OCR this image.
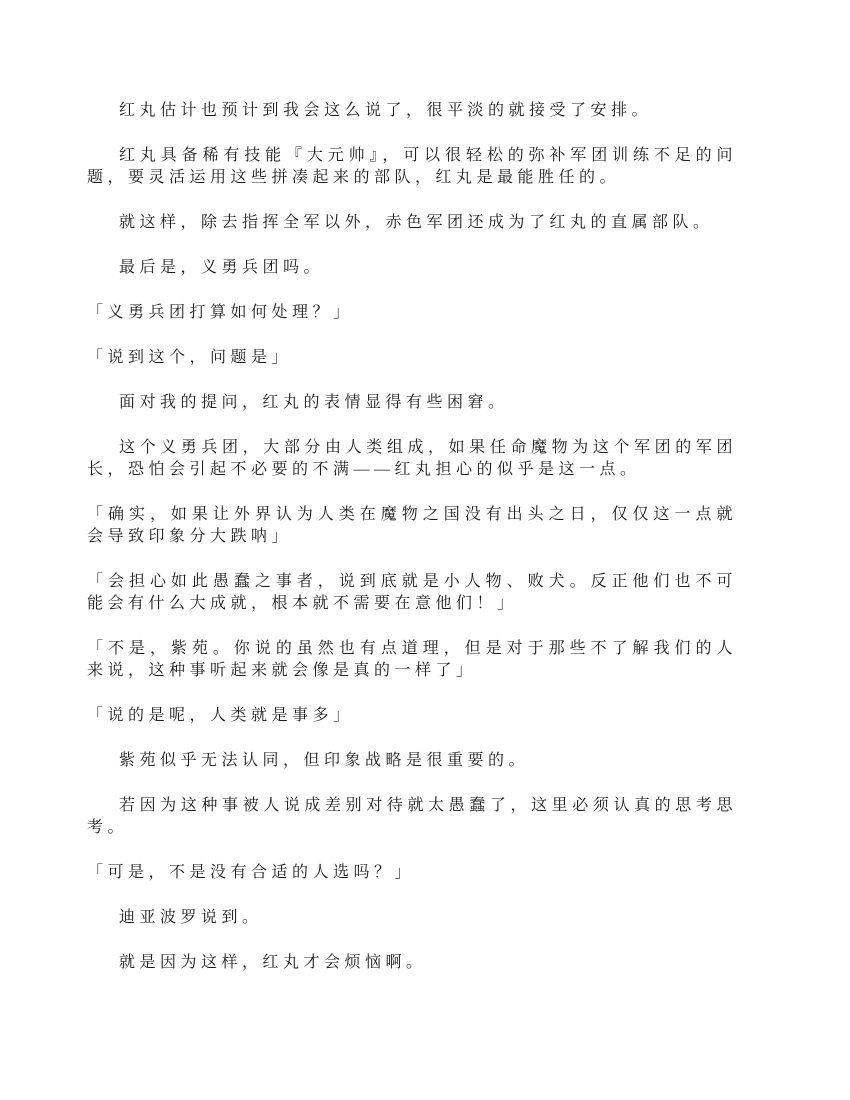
红丸估计也预计到我会这么说了，很平淡的就接受了安排。

红丸具备稀有技能『大元帅』，可以很轻松的弥补军团训练不足的问题，要灵活运用这些拼凑起来的部队，红丸是最能胜任的。

就这样，除去指挥全军以外，赤色军团还成为了红丸的直属部队。

最后是，义勇兵团吗。

「义勇兵团打算如何处理？」

「说到这个，问题是」

面对我的提问，红丸的表情显得有些困窘。

这个义勇兵团，大部分由人类组成，如果任命魔物为这个军团的军团长，恐怕会引起不必要的不满——红丸担心的似乎是这一点。

「确实，如果让外界认为人类在魔物之国没有出头之日，仅仅这一点就会导致印象分大跌呐」

「会担心如此愚蠢之事者，说到底就是小人物、败犬。反正他们也不可能会有什么大成就，根本就不需要在意他们！」

「不是，紫苑。你说的虽然也有点道理，但是对于那些不了解我们的人来说，这种事听起来就会像是真的一样了」

「说的是呢，人类就是事多」

紫苑似乎无法认同，但印象战略是很重要的。

若因为这种事被人说成差别对待就太愚蠢了，这里必须认真的思考思考。

「可是，不是没有合适的人选吗？」

迪亚波罗说到。

就是因为这样，红丸才会烦恼啊。
